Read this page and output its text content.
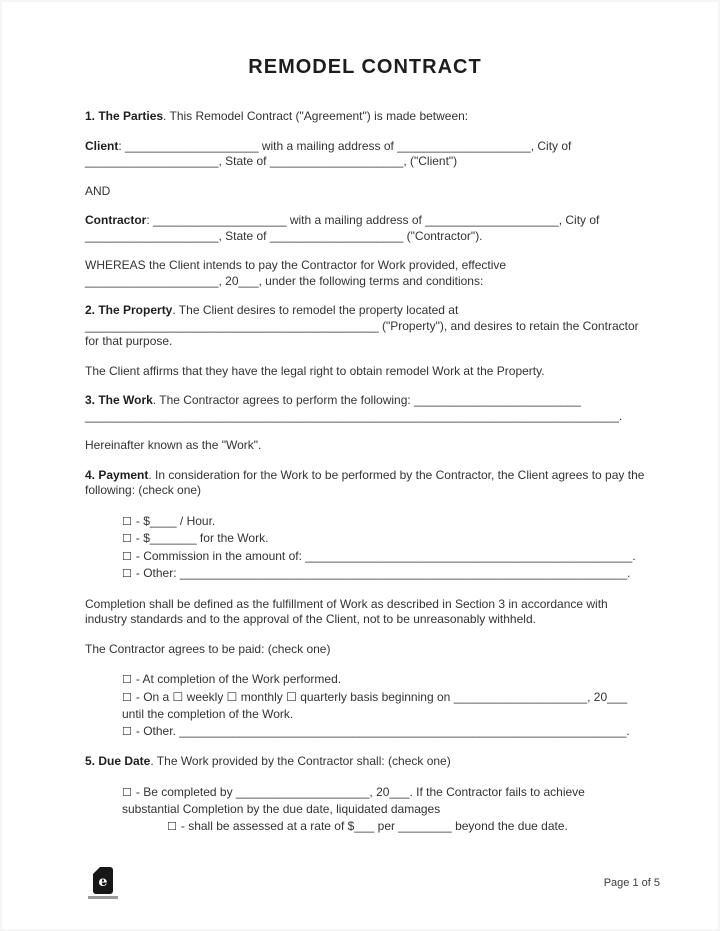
REMODEL CONTRACT

1. The Parties. This Remodel Contract ("Agreement") is made between:

Client: ____________________ with a mailing address of ____________________, City of ____________________, State of ____________________, ("Client")

AND

Contractor: ____________________ with a mailing address of ____________________, City of ____________________, State of ____________________ ("Contractor").

WHEREAS the Client intends to pay the Contractor for Work provided, effective ____________________, 20___, under the following terms and conditions:

2. The Property. The Client desires to remodel the property located at ____________________________________________ ("Property"), and desires to retain the Contractor for that purpose.

The Client affirms that they have the legal right to obtain remodel Work at the Property.

3. The Work. The Contractor agrees to perform the following: _________________________ ________________________________________________________________________________.

Hereinafter known as the "Work".

4. Payment. In consideration for the Work to be performed by the Contractor, the Client agrees to pay the following: (check one)

☐ - $____ / Hour.
☐ - $_______ for the Work.
☐ - Commission in the amount of: _________________________________________________.
☐ - Other: ___________________________________________________________________.

Completion shall be defined as the fulfillment of Work as described in Section 3 in accordance with industry standards and to the approval of the Client, not to be unreasonably withheld.

The Contractor agrees to be paid: (check one)

☐ - At completion of the Work performed.
☐ - On a ☐ weekly ☐ monthly ☐ quarterly basis beginning on ____________________, 20___ until the completion of the Work.
☐ - Other. ___________________________________________________________________.

5. Due Date. The Work provided by the Contractor shall: (check one)

☐ - Be completed by ____________________, 20___. If the Contractor fails to achieve substantial Completion by the due date, liquidated damages
☐ - shall be assessed at a rate of $___ per ________ beyond the due date.
e	Page 1 of 5
